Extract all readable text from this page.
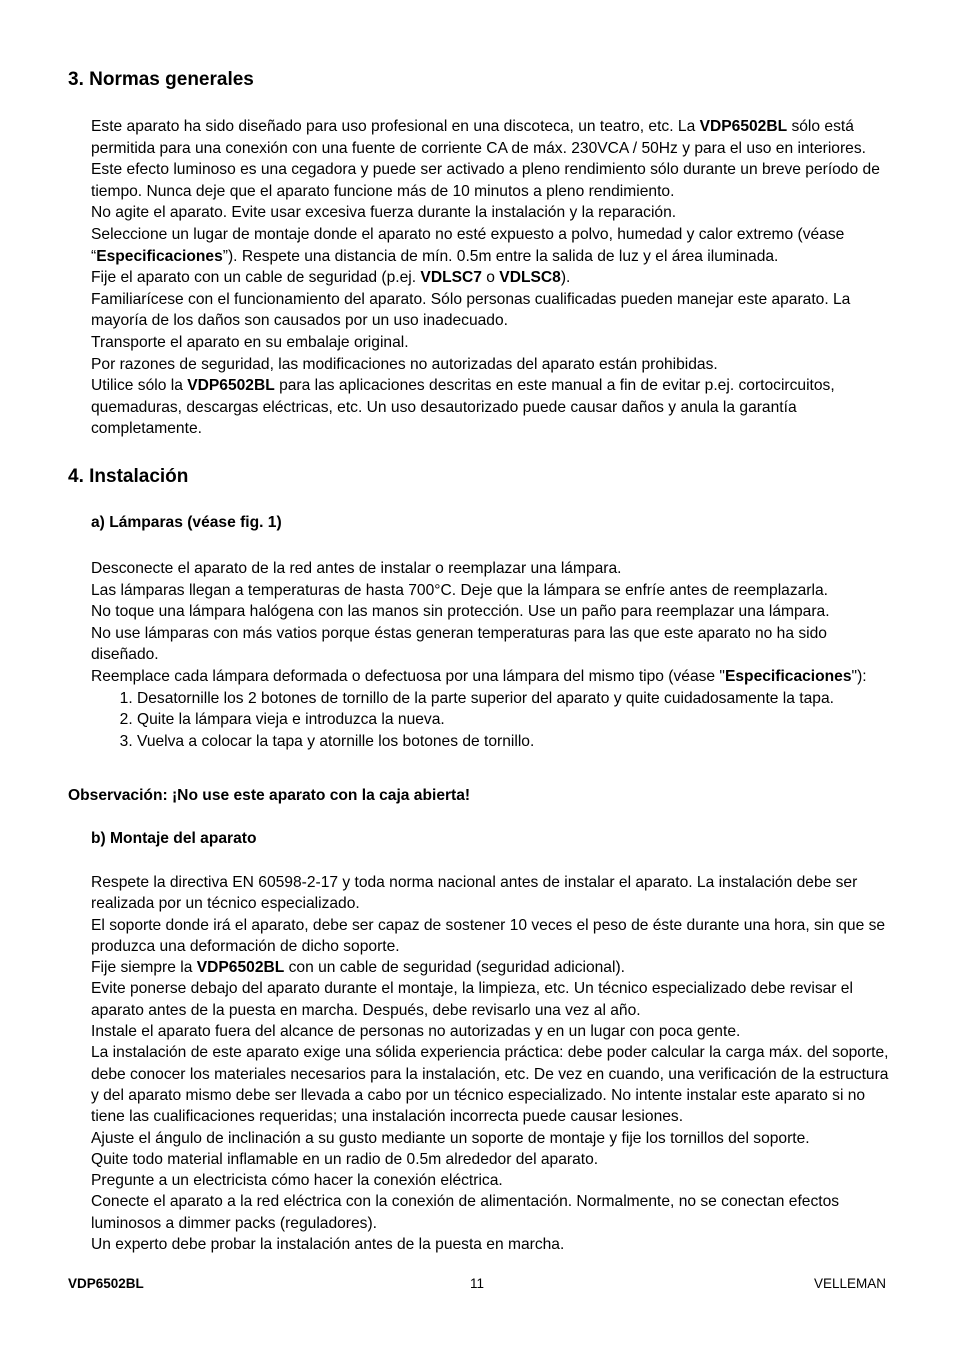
3. Normas generales

Este aparato ha sido diseñado para uso profesional en una discoteca, un teatro, etc. La VDP6502BL sólo está permitida para una conexión con una fuente de corriente CA de máx. 230VCA / 50Hz y para el uso en interiores.

Este efecto luminoso es una cegadora y puede ser activado a pleno rendimiento sólo durante un breve período de tiempo. Nunca deje que el aparato funcione más de 10 minutos a pleno rendimiento.

No agite el aparato. Evite usar excesiva fuerza durante la instalación y la reparación.

Seleccione un lugar de montaje donde el aparato no esté expuesto a polvo, humedad y calor extremo (véase “Especificaciones”). Respete una distancia de mín. 0.5m entre la salida de luz y el área iluminada.

Fije el aparato con un cable de seguridad (p.ej. VDLSC7 o VDLSC8).

Familiarícese con el funcionamiento del aparato. Sólo personas cualificadas pueden manejar este aparato. La mayoría de los daños son causados por un uso inadecuado.

Transporte el aparato en su embalaje original.

Por razones de seguridad, las modificaciones no autorizadas del aparato están prohibidas.

Utilice sólo la VDP6502BL para las aplicaciones descritas en este manual a fin de evitar p.ej. cortocircuitos, quemaduras, descargas eléctricas, etc. Un uso desautorizado puede causar daños y anula la garantía completamente.

4. Instalación
a) Lámparas (véase fig. 1)

Desconecte el aparato de la red antes de instalar o reemplazar una lámpara.

Las lámparas llegan a temperaturas de hasta 700°C. Deje que la lámpara se enfríe antes de reemplazarla.

No toque una lámpara halógena con las manos sin protección. Use un paño para reemplazar una lámpara.

No use lámparas con más vatios porque éstas generan temperaturas para las que este aparato no ha sido diseñado.

Reemplace cada lámpara deformada o defectuosa por una lámpara del mismo tipo (véase "Especificaciones"):

1. Desatornille los 2 botones de tornillo de la parte superior del aparato y quite cuidadosamente la tapa.
2. Quite la lámpara vieja e introduzca la nueva.
3. Vuelva a colocar la tapa y atornille los botones de tornillo.

Observación: ¡No use este aparato con la caja abierta!

b) Montaje del aparato

Respete la directiva EN 60598-2-17 y toda norma nacional antes de instalar el aparato. La instalación debe ser realizada por un técnico especializado.

El soporte donde irá el aparato, debe ser capaz de sostener 10 veces el peso de éste durante una hora, sin que se produzca una deformación de dicho soporte.

Fije siempre la VDP6502BL con un cable de seguridad (seguridad adicional).

Evite ponerse debajo del aparato durante el montaje, la limpieza, etc. Un técnico especializado debe revisar el aparato antes de la puesta en marcha. Después, debe revisarlo una vez al año.

Instale el aparato fuera del alcance de personas no autorizadas y en un lugar con poca gente.

La instalación de este aparato exige una sólida experiencia práctica: debe poder calcular la carga máx. del soporte, debe conocer los materiales necesarios para la instalación, etc. De vez en cuando, una verificación de la estructura y del aparato mismo debe ser llevada a cabo por un técnico especializado. No intente instalar este aparato si no tiene las cualificaciones requeridas; una instalación incorrecta puede causar lesiones.

Ajuste el ángulo de inclinación a su gusto mediante un soporte de montaje y fije los tornillos del soporte.

Quite todo material inflamable en un radio de 0.5m alrededor del aparato.

Pregunte a un electricista cómo hacer la conexión eléctrica.

Conecte el aparato a la red eléctrica con la conexión de alimentación. Normalmente, no se conectan efectos luminosos a dimmer packs (reguladores).

Un experto debe probar la instalación antes de la puesta en marcha.

11
VDP6502BL	VELLEMAN
